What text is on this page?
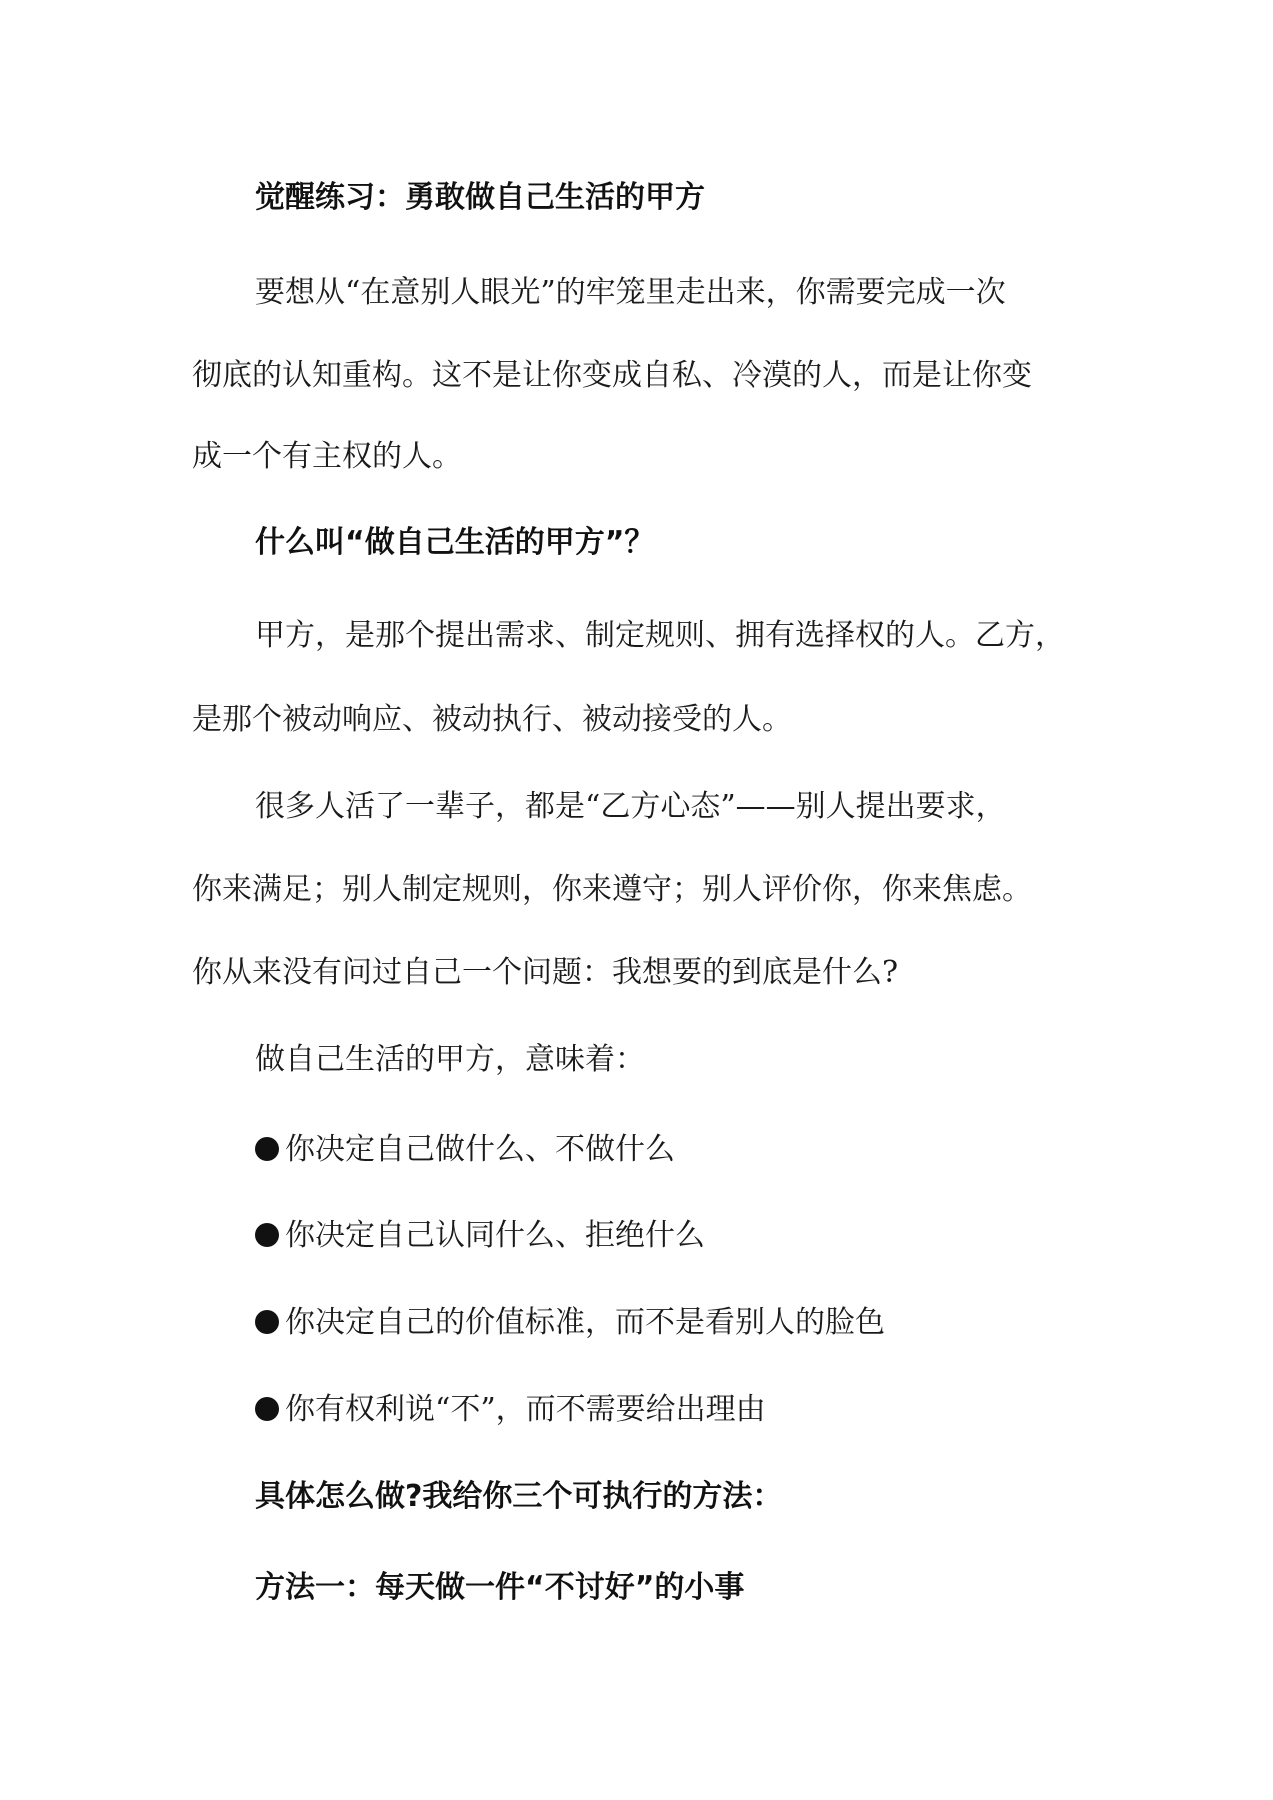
觉醒练习：勇敢做自己生活的甲方
要想从“在意别人眼光”的牢笼里走出来，你需要完成一次
彻底的认知重构。这不是让你变成自私、冷漠的人，而是让你变
成一个有主权的人。
什么叫“做自己生活的甲方”？
甲方，是那个提出需求、制定规则、拥有选择权的人。乙方，
是那个被动响应、被动执行、被动接受的人。
很多人活了一辈子，都是“乙方心态”——别人提出要求，
你来满足；别人制定规则，你来遵守；别人评价你，你来焦虑。
你从来没有问过自己一个问题：我想要的到底是什么?
做自己生活的甲方，意味着：
你决定自己做什么、不做什么
你决定自己认同什么、拒绝什么
你决定自己的价值标准，而不是看别人的脸色
你有权利说“不”，而不需要给出理由
具体怎么做?我给你三个可执行的方法：
方法一：每天做一件“不讨好”的小事
